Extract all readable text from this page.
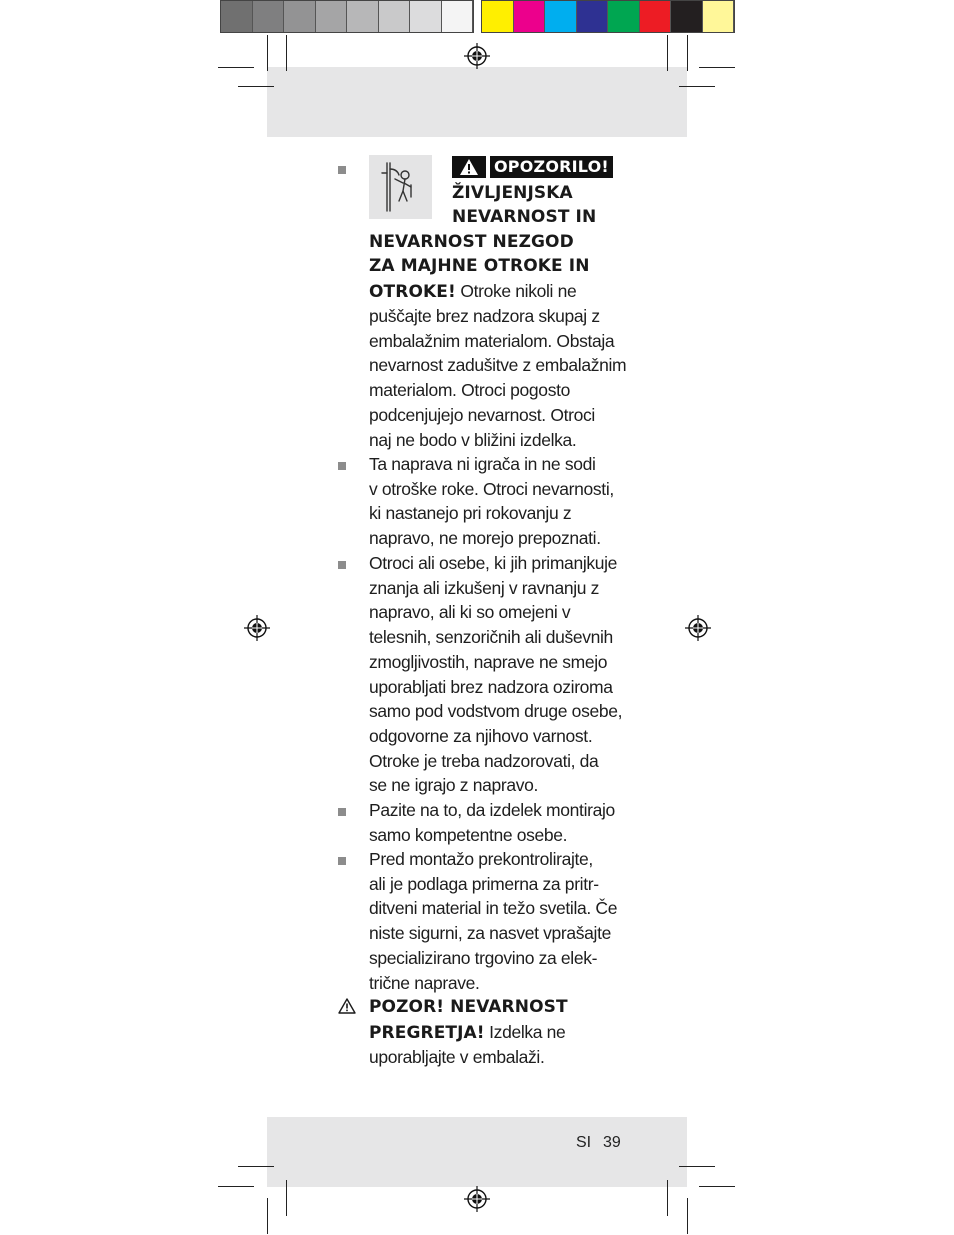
OPOZORILO!
ŽIVLJENJSKA
NEVARNOST IN
NEVARNOST NEZGOD
ZA MAJHNE OTROKE IN
OTROKE! Otroke nikoli ne
puščajte brez nadzora skupaj z
embalažnim materialom. Obstaja
nevarnost zadušitve z embalažnim
materialom. Otroci pogosto
podcenjujejo nevarnost. Otroci
naj ne bodo v bližini izdelka.
Ta naprava ni igrača in ne sodi
v otroške roke. Otroci nevarnosti,
ki nastanejo pri rokovanju z
napravo, ne morejo prepoznati.
Otroci ali osebe, ki jih primanjkuje
znanja ali izkušenj v ravnanju z
napravo, ali ki so omejeni v
telesnih, senzoričnih ali duševnih
zmogljivostih, naprave ne smejo
uporabljati brez nadzora oziroma
samo pod vodstvom druge osebe,
odgovorne za njihovo varnost.
Otroke je treba nadzorovati, da
se ne igrajo z napravo.
Pazite na to, da izdelek montirajo
samo kompetentne osebe.
Pred montažo prekontrolirajte,
ali je podlaga primerna za pritr-
ditveni material in težo svetila. Če
niste sigurni, za nasvet vprašajte
specializirano trgovino za elek-
trične naprave.
POZOR! NEVARNOST
PREGRETJA! Izdelka ne
uporabljajte v embalaži.
SI 39
